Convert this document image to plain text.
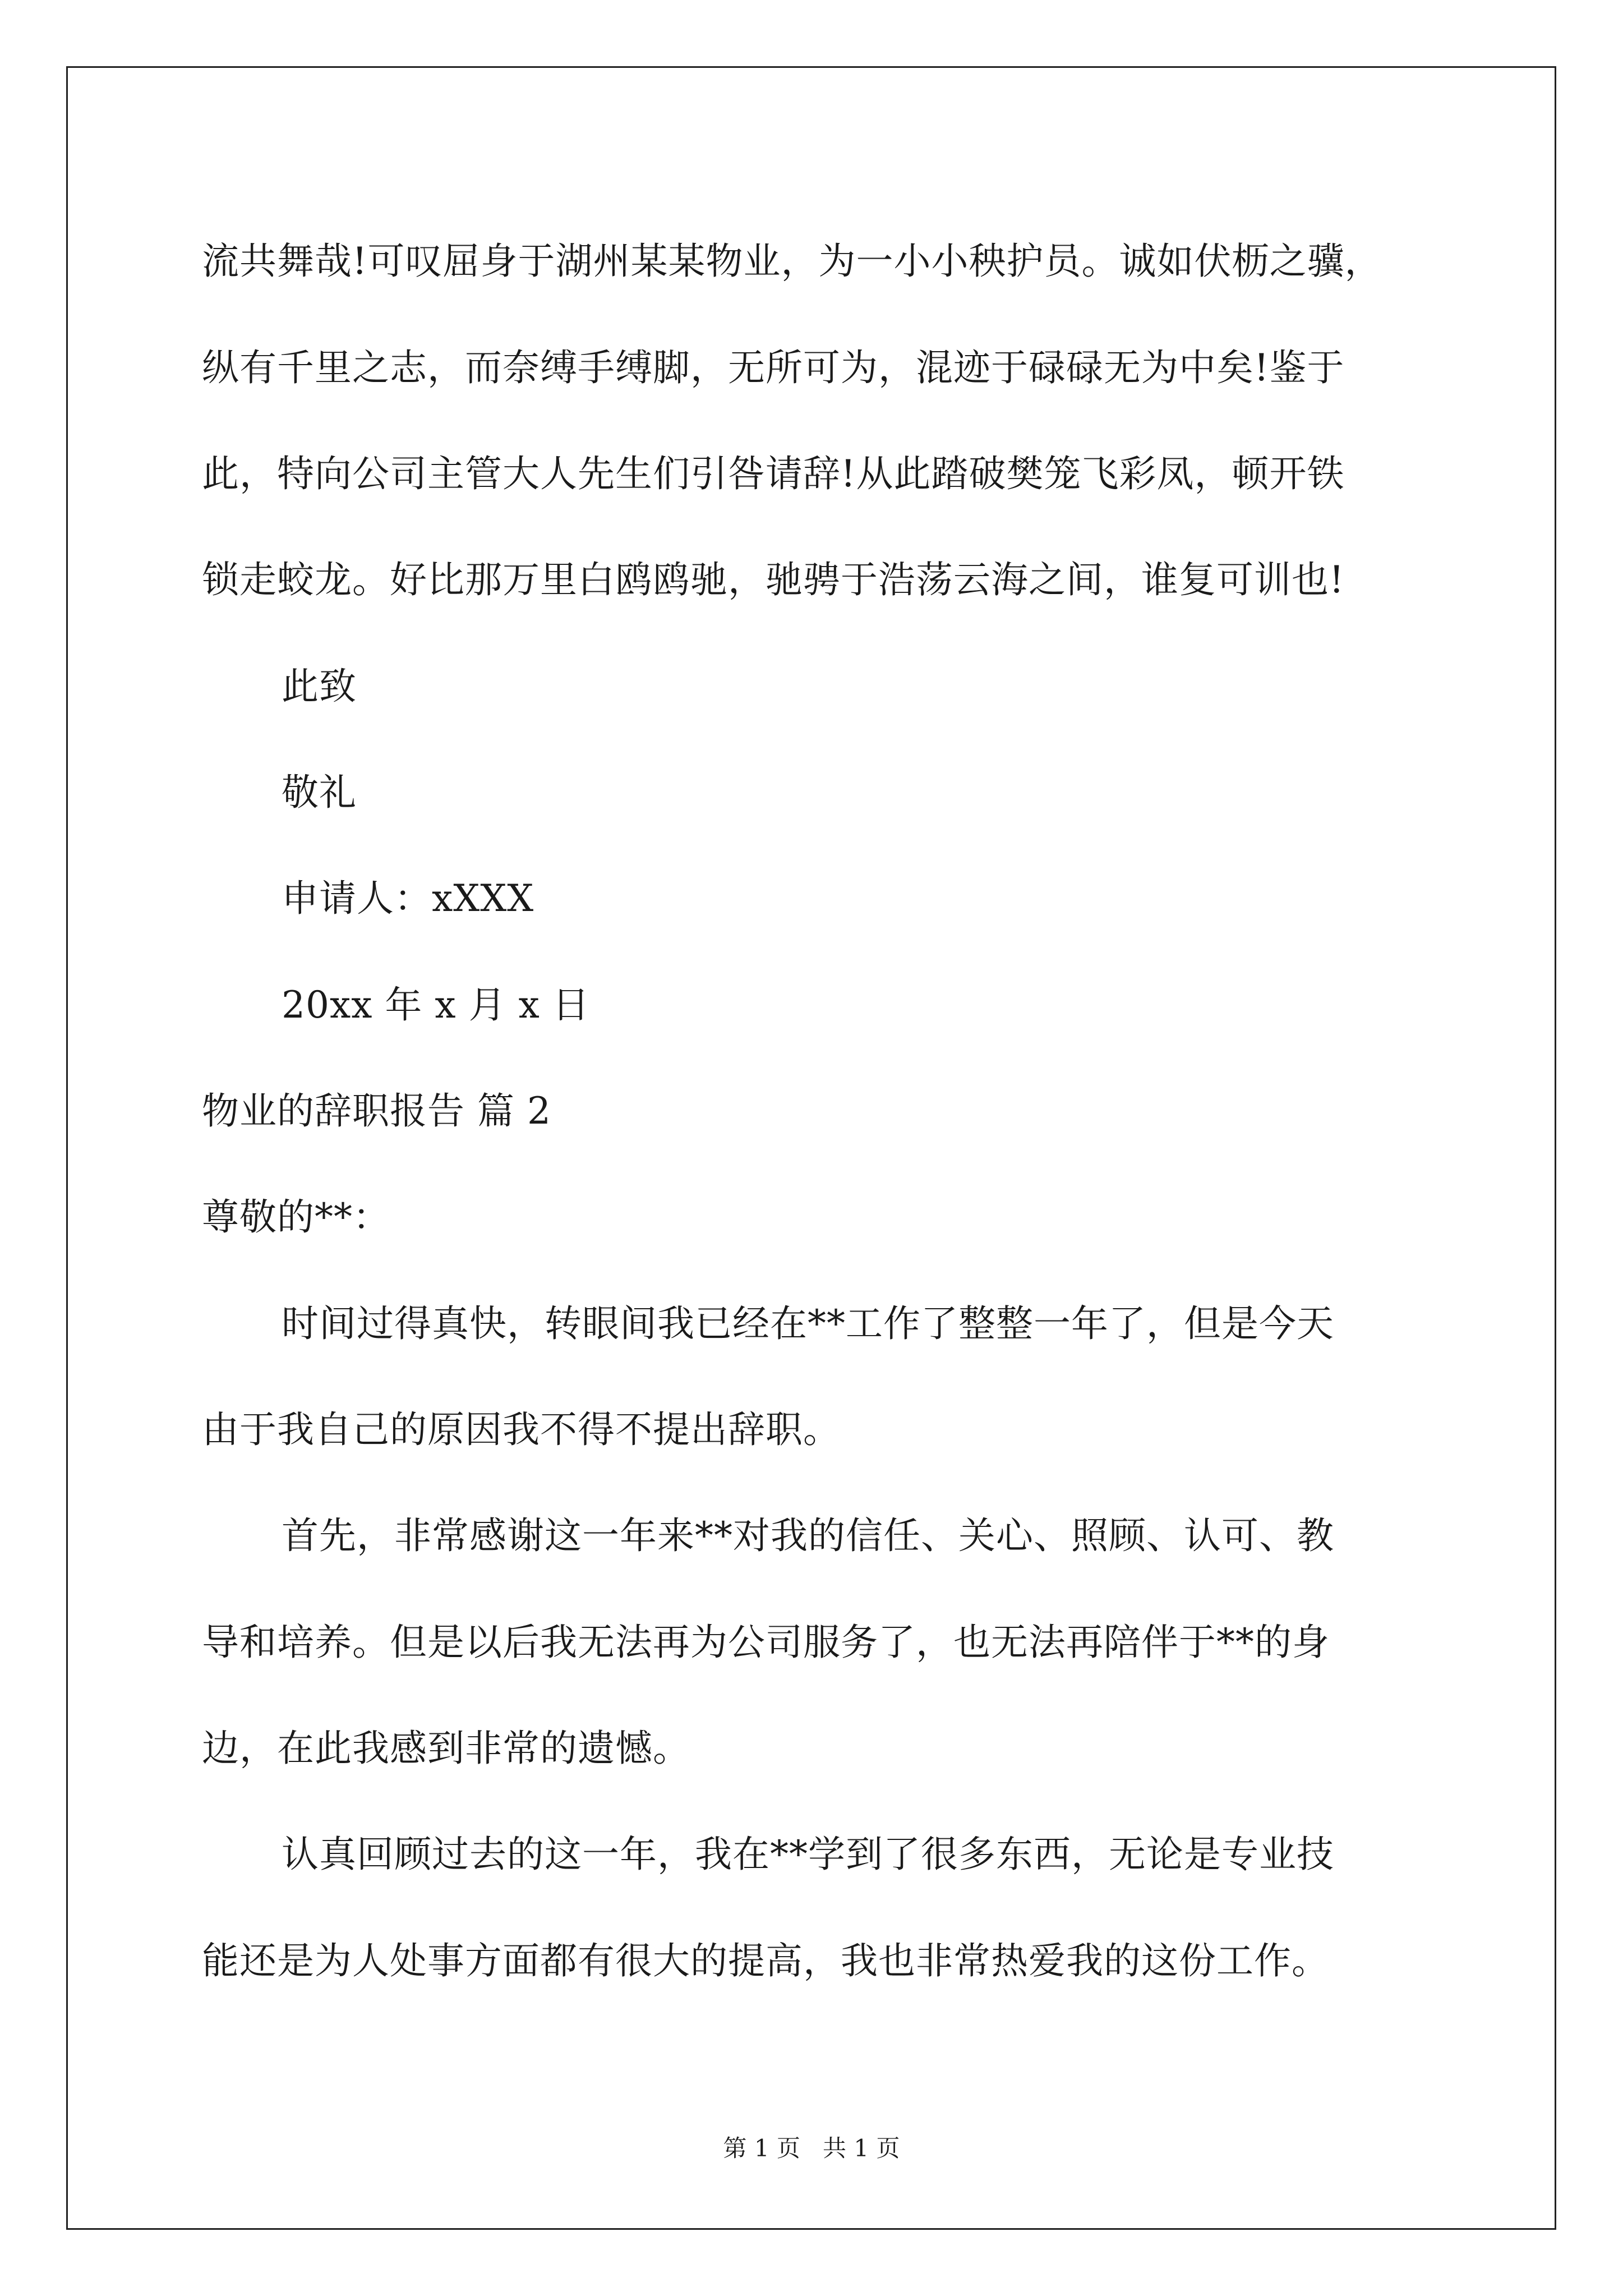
流共舞哉!可叹屈身于湖州某某物业，为一小小秧护员。诚如伏枥之骥，
纵有千里之志，而奈缚手缚脚，无所可为，混迹于碌碌无为中矣!鉴于
此，特向公司主管大人先生们引咎请辞!从此踏破樊笼飞彩凤，顿开铁
锁走蛟龙。好比那万里白鸥鸥驰，驰骋于浩荡云海之间，谁复可训也!
此致
敬礼
申请人：xXXX
20xx 年 x 月 x 日
物业的辞职报告 篇 2
尊敬的**：
时间过得真快，转眼间我已经在**工作了整整一年了，但是今天
由于我自己的原因我不得不提出辞职。
首先，非常感谢这一年来**对我的信任、关心、照顾、认可、教
导和培养。但是以后我无法再为公司服务了，也无法再陪伴于**的身
边，在此我感到非常的遗憾。
认真回顾过去的这一年，我在**学到了很多东西，无论是专业技
能还是为人处事方面都有很大的提高，我也非常热爱我的这份工作。
第 1 页   共 1 页
